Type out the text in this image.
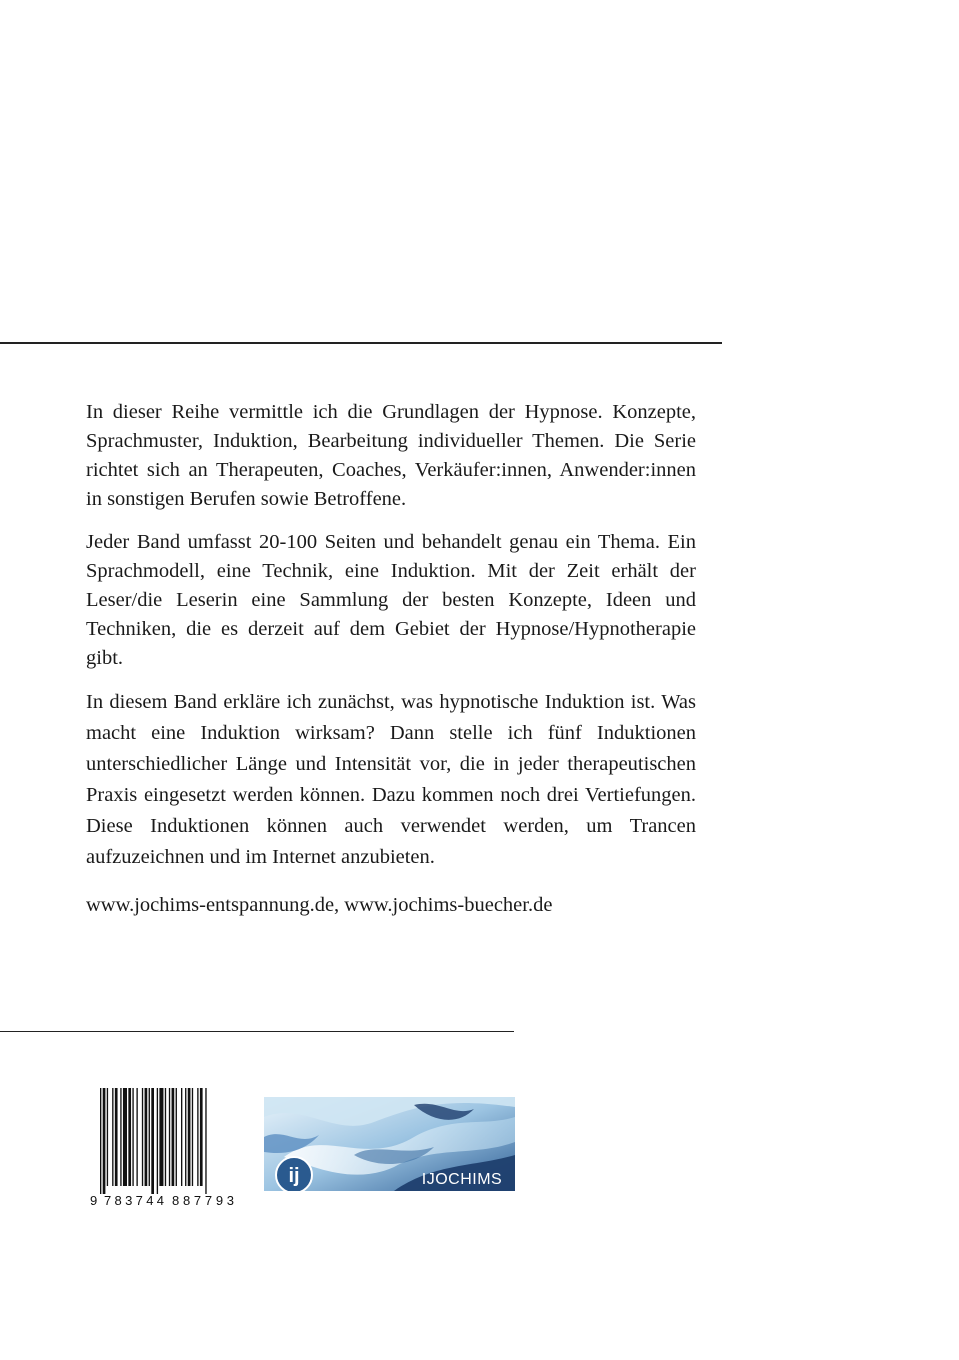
In dieser Reihe vermittle ich die Grundlagen der Hypnose. Konzepte, Sprachmuster, Induktion, Bearbeitung individueller Themen. Die Serie richtet sich an Therapeuten, Coaches, Verkäufer:innen, Anwender:innen in sonstigen Berufen sowie Betroffene.

Jeder Band umfasst 20-100 Seiten und behandelt genau ein Thema. Ein Sprachmodell, eine Technik, eine Induktion. Mit der Zeit erhält der Leser/die Leserin eine Sammlung der besten Konzepte, Ideen und Techniken, die es derzeit auf dem Gebiet der Hypnose/Hypnotherapie gibt.

In diesem Band erkläre ich zunächst, was hypnotische Induktion ist. Was macht eine Induktion wirksam? Dann stelle ich fünf Induktionen unterschiedlicher Länge und Intensität vor, die in jeder therapeutischen Praxis eingesetzt werden können. Dazu kommen noch drei Vertiefungen. Diese Induktionen können auch verwendet werden, um Trancen aufzuzeichnen und im Internet anzubieten.

www.jochims-entspannung.de, www.jochims-buecher.de

9 783744 887793
ij	IJOCHIMS
